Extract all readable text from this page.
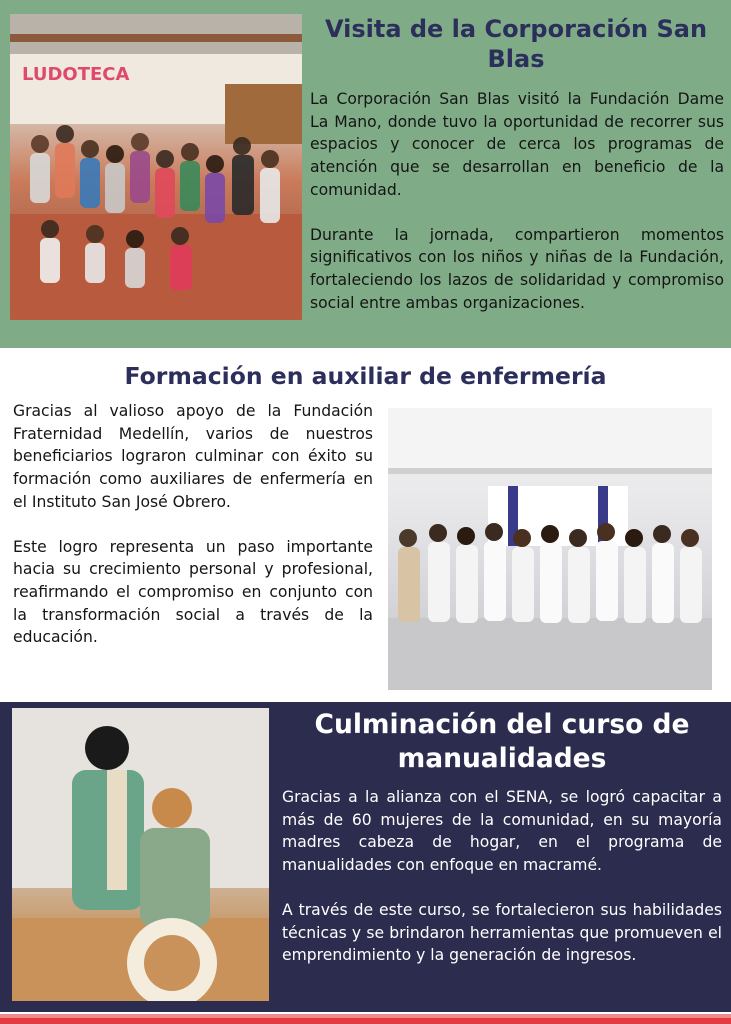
LUDOTECA
Visita de la Corporación San Blas

La Corporación San Blas visitó la Fundación Dame La Mano, donde tuvo la oportunidad de recorrer sus espacios y conocer de cerca los programas de atención que se desarrollan en beneficio de la comunidad.

Durante la jornada, compartieron momentos significativos con los niños y niñas de la Fundación, fortaleciendo los lazos de solidaridad y compromiso social entre ambas organizaciones.

Formación en auxiliar de enfermería

Gracias al valioso apoyo de la Fundación Fraternidad Medellín, varios de nuestros beneficiarios lograron culminar con éxito su formación como auxiliares de enfermería en el Instituto San José Obrero.

Este logro representa un paso importante hacia su crecimiento personal y profesional, reafirmando el compromiso en conjunto con la transformación social a través de la educación.

Culminación del curso de manualidades

Gracias a la alianza con el SENA, se logró capacitar a más de 60 mujeres de la comunidad, en su mayoría madres cabeza de hogar, en el programa de manualidades con enfoque en macramé.

A través de este curso, se fortalecieron sus habilidades técnicas y se brindaron herramientas que promueven el emprendimiento y la generación de ingresos.
